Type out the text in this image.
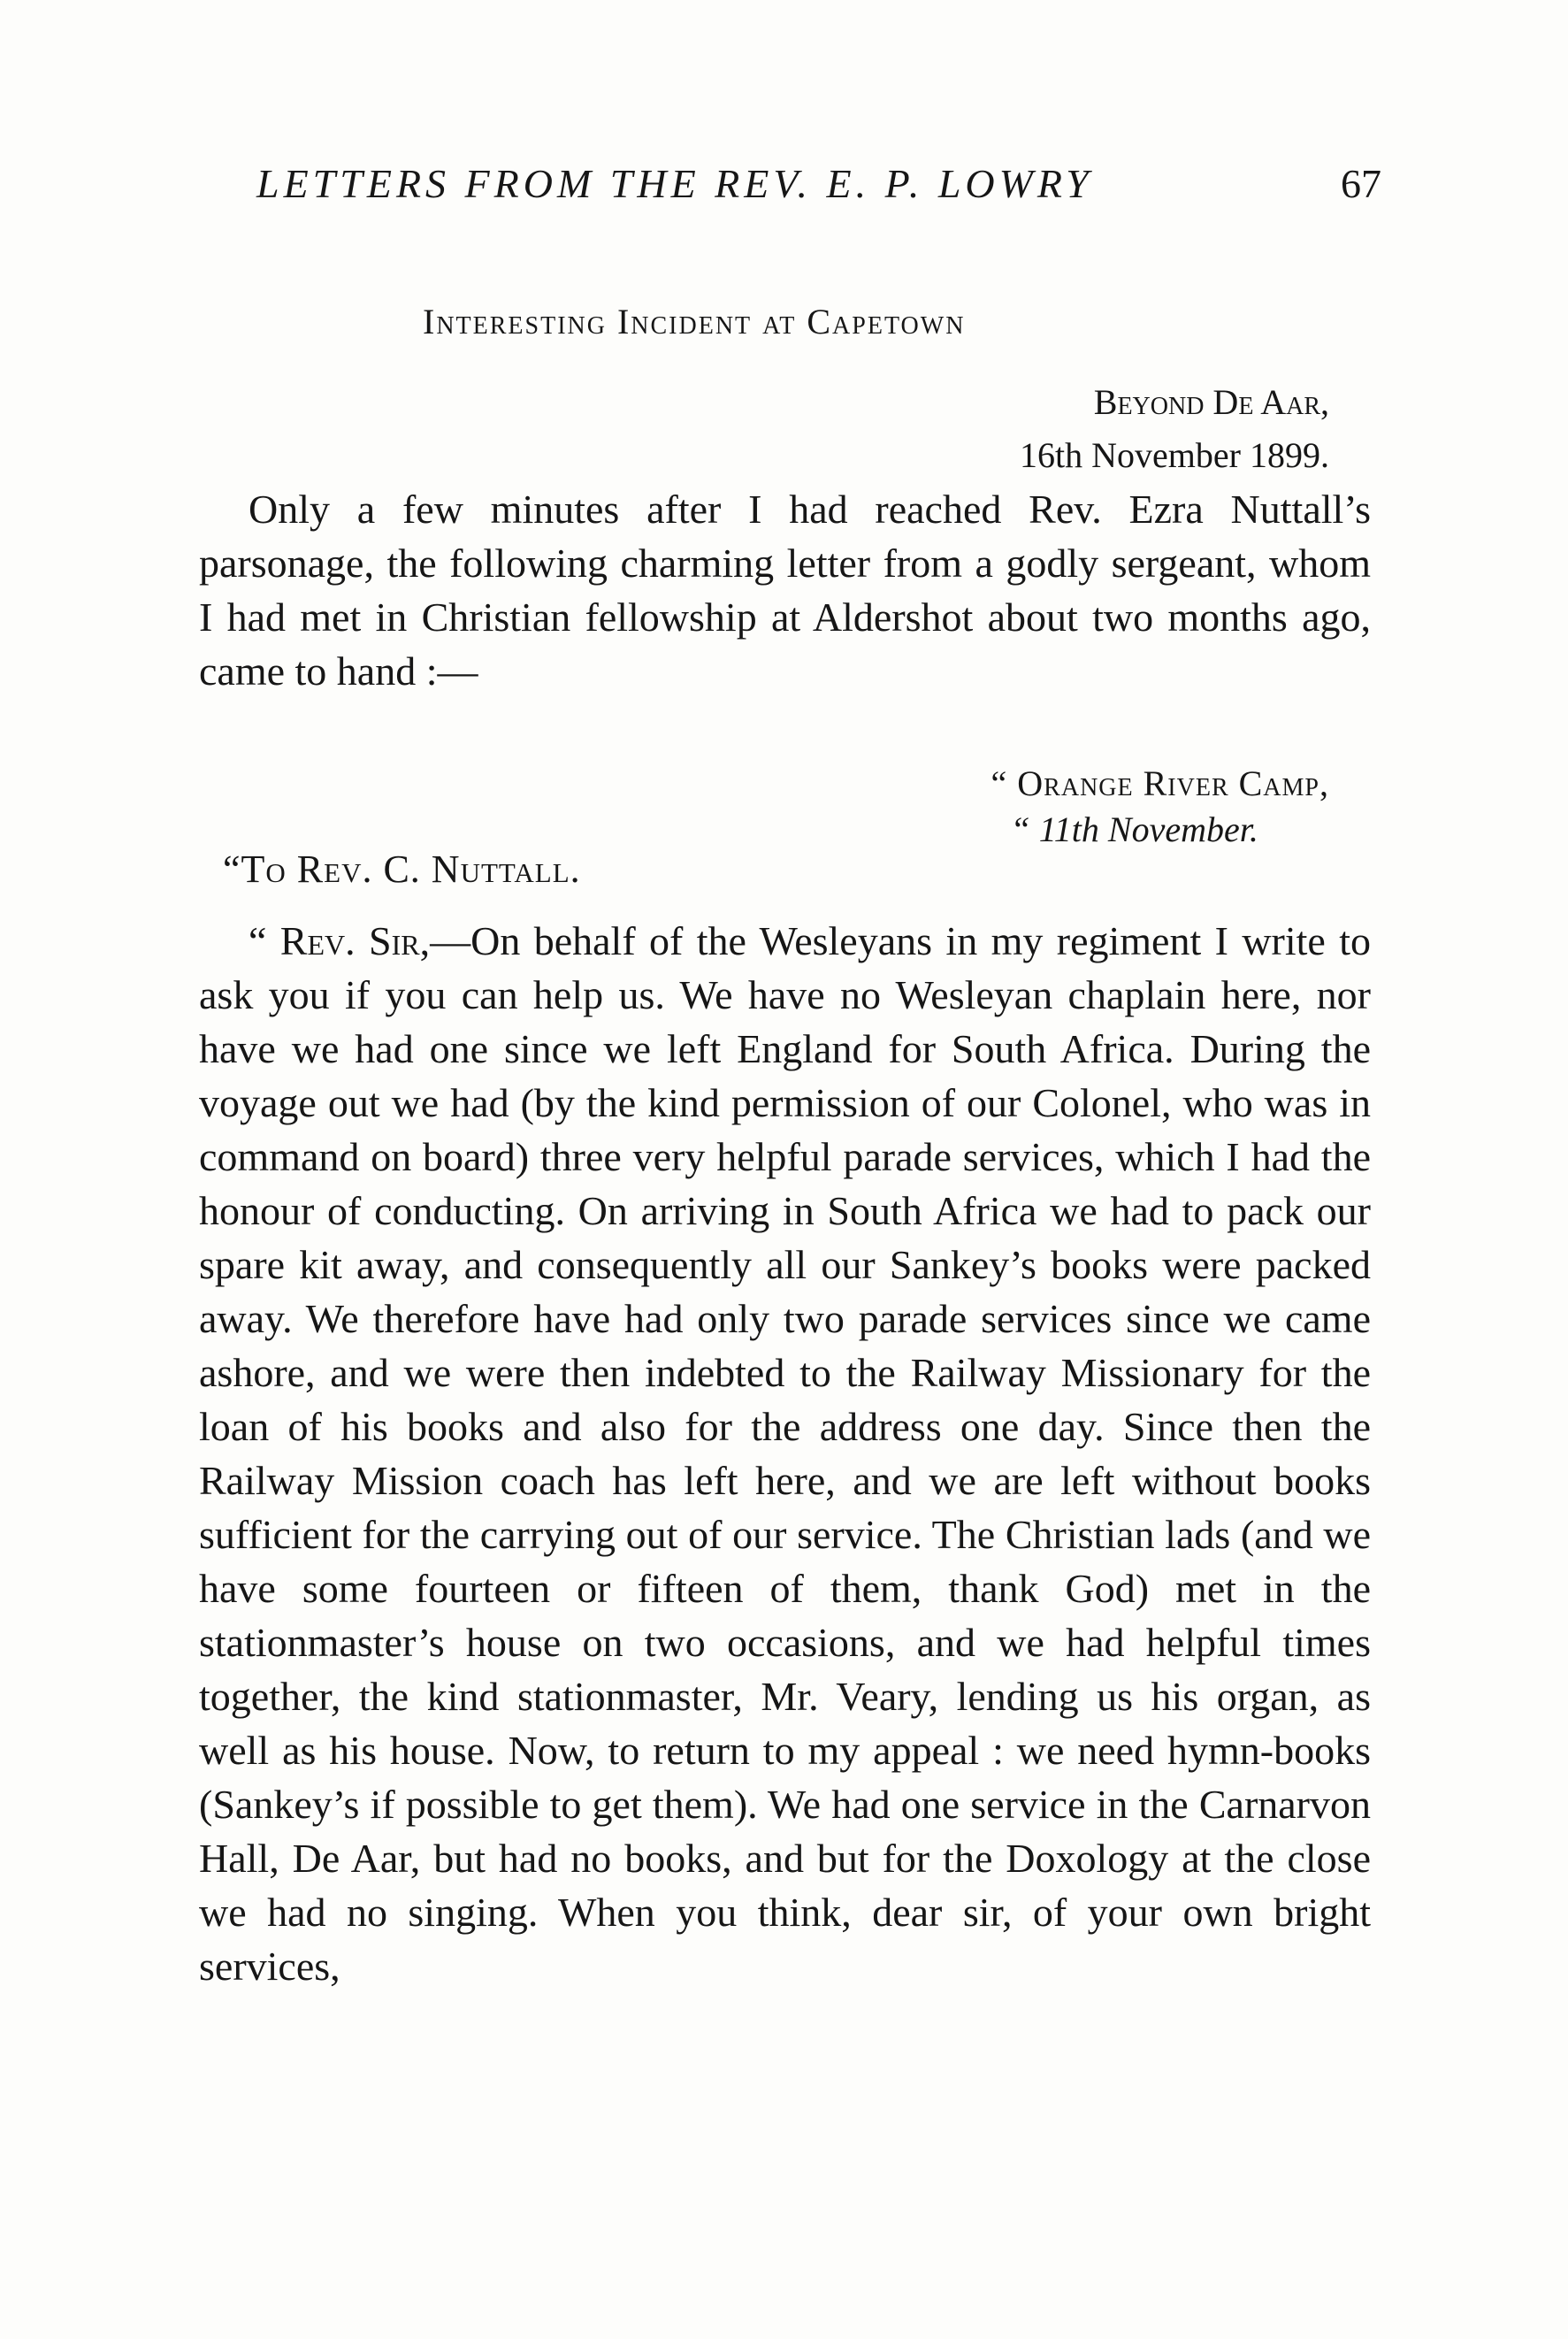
LETTERS FROM THE REV. E. P. LOWRY	67
Interesting Incident at Capetown
Beyond De Aar,
16th November 1899.

Only a few minutes after I had reached Rev. Ezra Nuttall’s parsonage, the following charming letter from a godly sergeant, whom I had met in Christian fellowship at Aldershot about two months ago, came to hand :—

“ Orange River Camp,
“ 11th November.
“To Rev. C. Nuttall.

“ Rev. Sir,—On behalf of the Wesleyans in my regiment I write to ask you if you can help us. We have no Wesleyan chaplain here, nor have we had one since we left England for South Africa. During the voyage out we had (by the kind permission of our Colonel, who was in command on board) three very helpful parade services, which I had the honour of conducting. On arriving in South Africa we had to pack our spare kit away, and consequently all our Sankey’s books were packed away. We therefore have had only two parade services since we came ashore, and we were then indebted to the Railway Missionary for the loan of his books and also for the address one day. Since then the Railway Mission coach has left here, and we are left without books sufficient for the carrying out of our service. The Christian lads (and we have some fourteen or fifteen of them, thank God) met in the stationmaster’s house on two occasions, and we had helpful times together, the kind stationmaster, Mr. Veary, lending us his organ, as well as his house. Now, to return to my appeal : we need hymn-books (Sankey’s if possible to get them). We had one service in the Carnarvon Hall, De Aar, but had no books, and but for the Doxology at the close we had no singing. When you think, dear sir, of your own bright services,
